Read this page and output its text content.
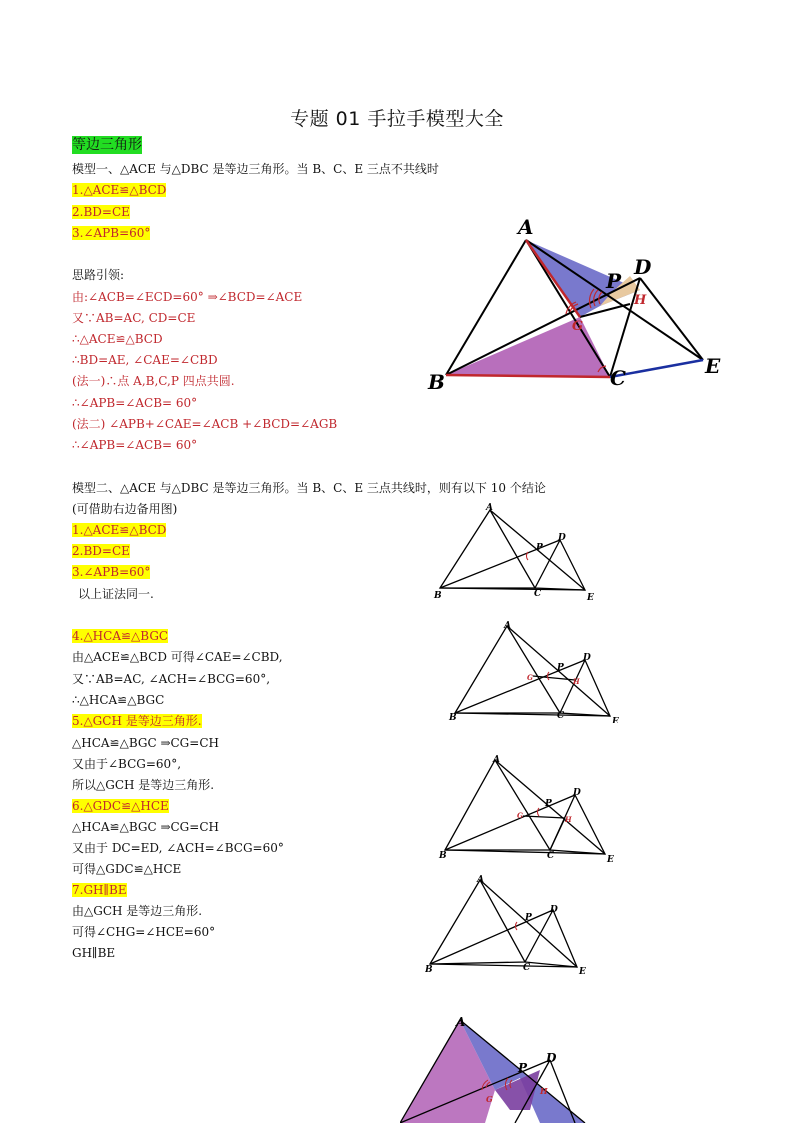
专题 01 手拉手模型大全
等边三角形
模型一、△ACE 与△DBC 是等边三角形。当 B、C、E 三点不共线时
1.△ACE≌△BCD
2.BD=CE
3.∠APB=60°
思路引领:
由:∠ACB=∠ECD=60° ⇒∠BCD=∠ACE
又∵AB=AC, CD=CE
∴△ACE≌△BCD
∴BD=AE, ∠CAE=∠CBD
(法一)∴点 A,B,C,P 四点共圆.
∴∠APB=∠ACB= 60°
(法二) ∠APB+∠CAE=∠ACB +∠BCD=∠AGB
∴∠APB=∠ACB= 60°
模型二、△ACE 与△DBC 是等边三角形。当 B、C、E 三点共线时，则有以下 10 个结论
(可借助右边备用图)
1.△ACE≌△BCD
2.BD=CE
3.∠APB=60°
以上证法同一.
4.△HCA≌△BGC
由△ACE≌△BCD 可得∠CAE=∠CBD,
又∵AB=AC, ∠ACH=∠BCG=60°,
∴△HCA≌△BGC
5.△GCH 是等边三角形.
△HCA≌△BGC ⇒CG=CH
又由于∠BCG=60°,
所以△GCH 是等边三角形.
6.△GDC≌△HCE
△HCA≌△BGC ⇒CG=CH
又由于 DC=ED, ∠ACH=∠BCG=60°
可得△GDC≌△HCE
7.GH∥BE
由△GCH 是等边三角形.
可得∠CHG=∠HCE=60°
GH∥BE
A
B	C
D
E
P
G
H
A
B	C
D
E
P
A
B	C
D
E
P
G	H
A
B	C
D
E
P
G	H
A
B	C
D
E
P
A
D
P
G
H
